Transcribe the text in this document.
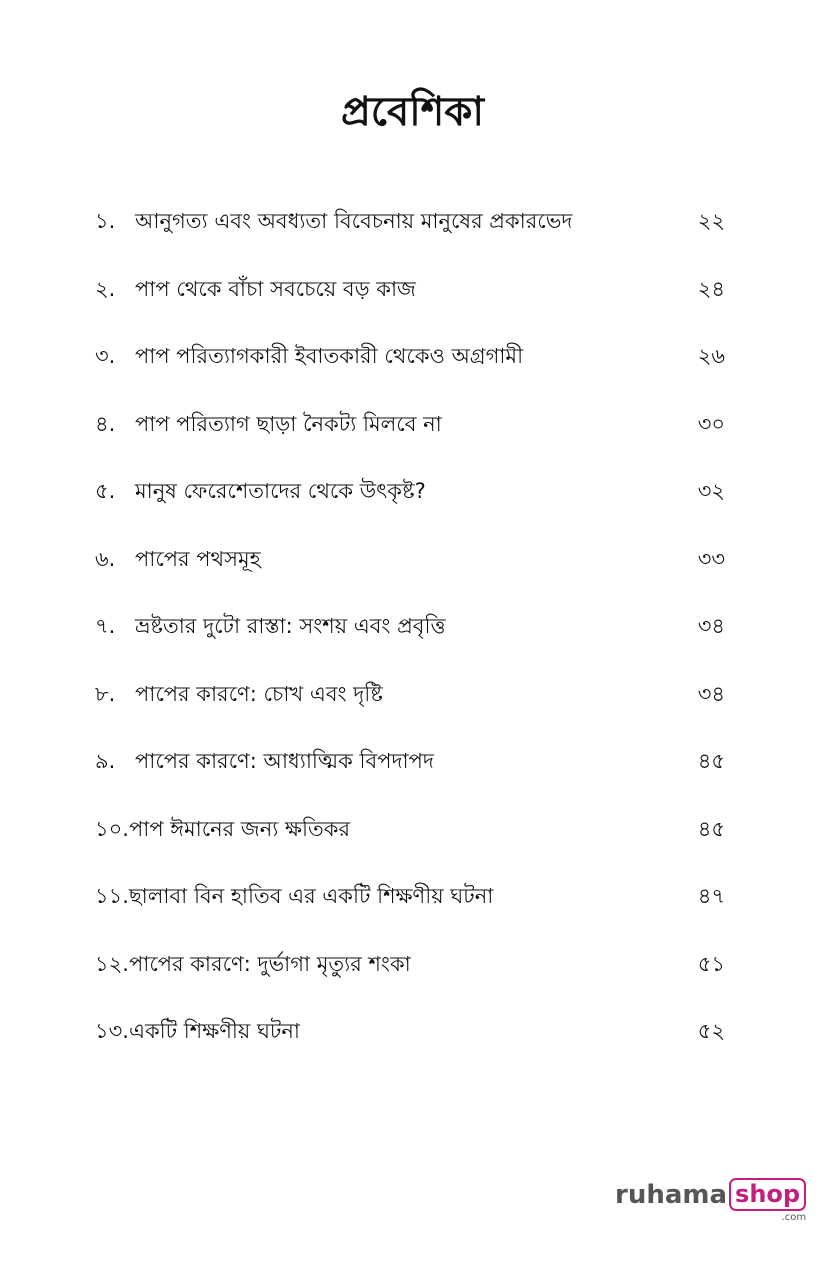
প্রবেশিকা
১. আনুগত্য এবং অবধ্যতা বিবেচনায় মানুষের প্রকারভেদ	২২
২. পাপ থেকে বাঁচা সবচেয়ে বড় কাজ	২৪
৩. পাপ পরিত্যাগকারী ইবাতকারী থেকেও অগ্রগামী	২৬
৪. পাপ পরিত্যাগ ছাড়া নৈকট্য মিলবে না	৩০
৫. মানুষ ফেরেশেতাদের থেকে উৎকৃষ্ট?	৩২
৬. পাপের পথসমূহ	৩৩
৭. ভ্রষ্টতার দুটো রাস্তা: সংশয় এবং প্রবৃত্তি	৩৪
৮. পাপের কারণে: চোখ এবং দৃষ্টি	৩৪
৯. পাপের কারণে: আধ্যাত্মিক বিপদাপদ	৪৫
১০. পাপ ঈমানের জন্য ক্ষতিকর	৪৫
১১. ছালাবা বিন হাতিব এর একটি শিক্ষণীয় ঘটনা	৪৭
১২. পাপের কারণে: দুর্ভাগা মৃত্যুর শংকা	৫১
১৩. একটি শিক্ষণীয় ঘটনা	৫২
ruhama shop
.com
